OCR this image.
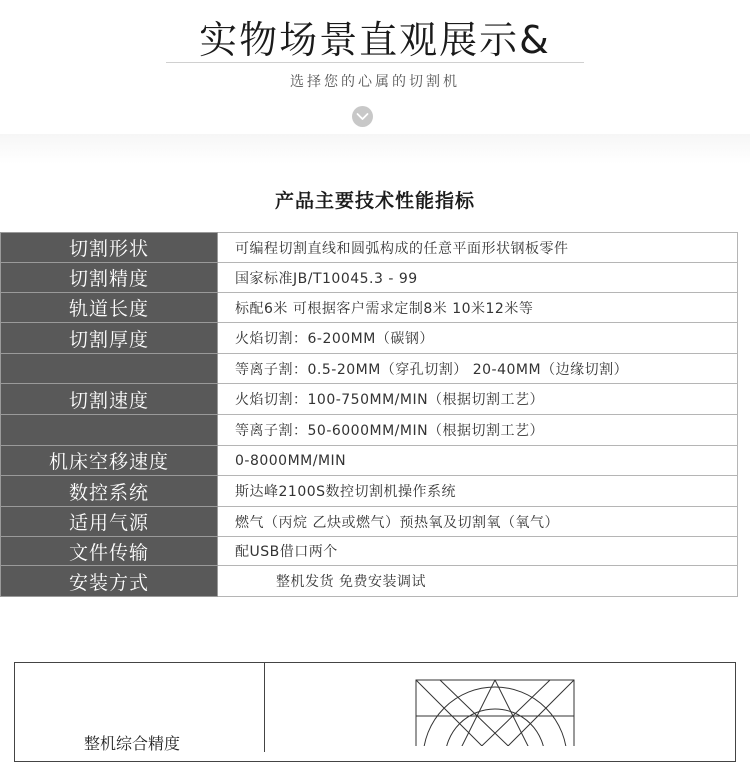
实物场景直观展示&
选择您的心属的切割机
产品主要技术性能指标
切割形状	可编程切割直线和圆弧构成的任意平面形状钢板零件
切割精度	国家标准JB/T10045.3 - 99
轨道长度	标配6米 可根据客户需求定制8米 10米12米等
切割厚度	火焰切割：6-200MM（碳钢）
	等离子割：0.5-20MM（穿孔切割） 20-40MM（边缘切割）
切割速度	火焰切割：100-750MM/MIN（根据切割工艺）
	等离子割：50-6000MM/MIN（根据切割工艺）
机床空移速度	0-8000MM/MIN
数控系统	斯达峰2100S数控切割机操作系统
适用气源	燃气（丙烷 乙炔或燃气）预热氧及切割氧（氧气）
文件传输	配USB借口两个
安装方式	整机发货 免费安装调试
整机综合精度
